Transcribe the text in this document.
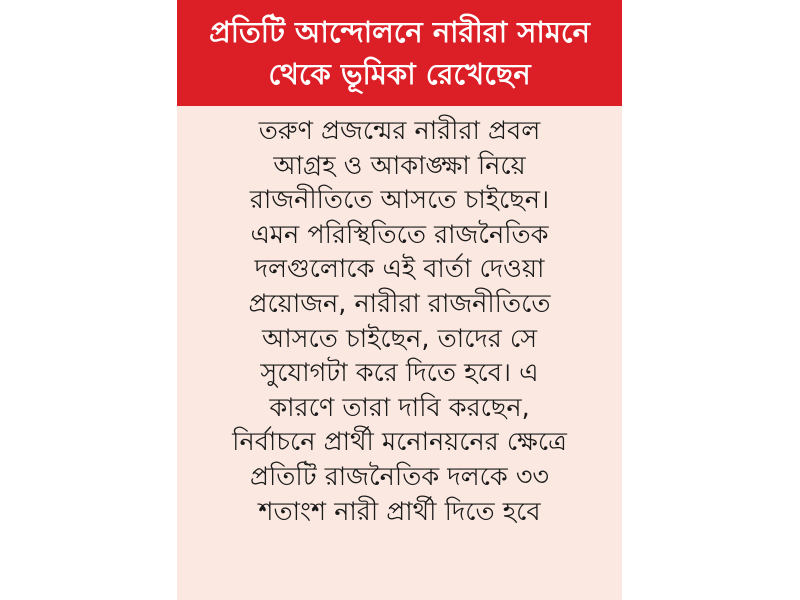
প্রতিটি আন্দোলনে নারীরা সামনে
থেকে ভূমিকা রেখেছেন
তরুণ প্রজন্মের নারীরা প্রবল
আগ্রহ ও আকাঙ্ক্ষা নিয়ে
রাজনীতিতে আসতে চাইছেন।
এমন পরিস্থিতিতে রাজনৈতিক
দলগুলোকে এই বার্তা দেওয়া
প্রয়োজন, নারীরা রাজনীতিতে
আসতে চাইছেন, তাদের সে
সুযোগটা করে দিতে হবে। এ
কারণে তারা দাবি করছেন,
নির্বাচনে প্রার্থী মনোনয়নের ক্ষেত্রে
প্রতিটি রাজনৈতিক দলকে ৩৩
শতাংশ নারী প্রার্থী দিতে হবে
